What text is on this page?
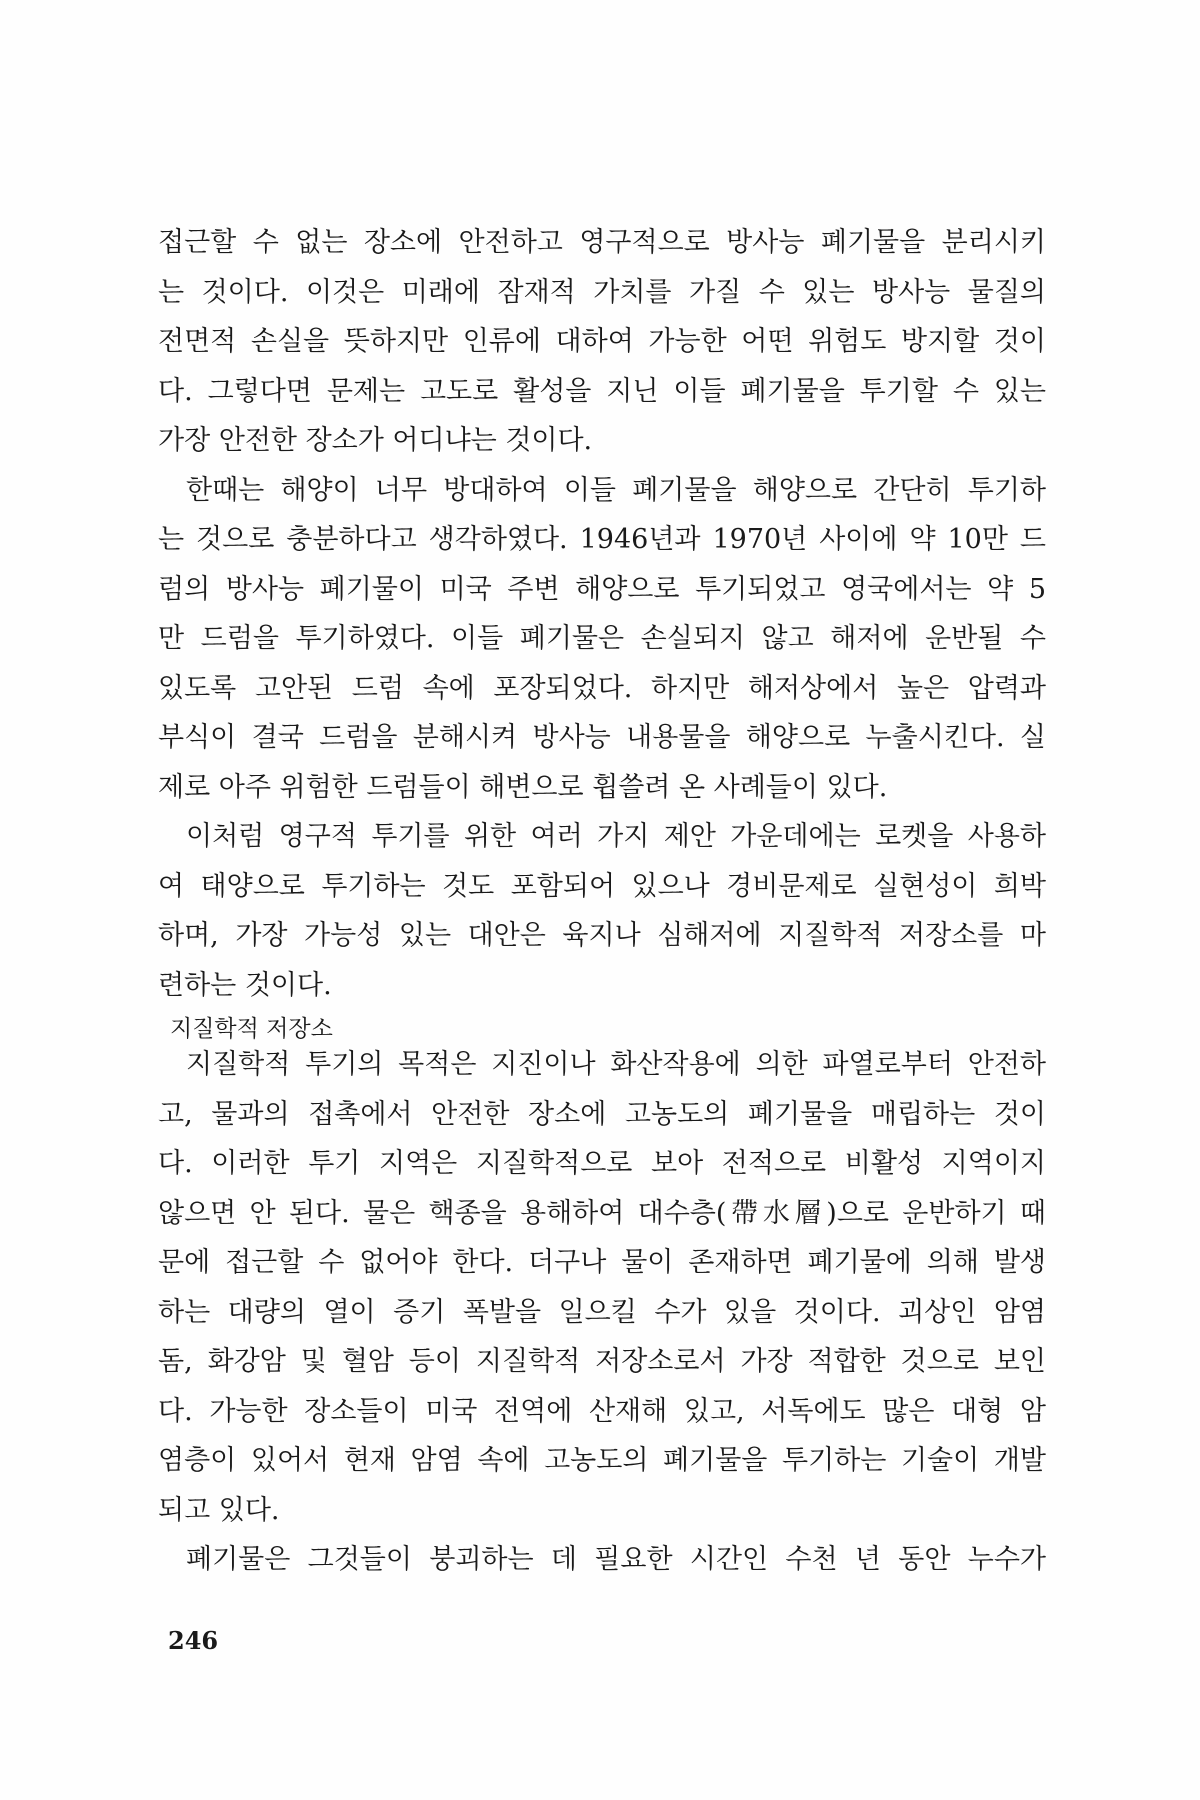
접근할 수 없는 장소에 안전하고 영구적으로 방사능 폐기물을 분리시키
는 것이다. 이것은 미래에 잠재적 가치를 가질 수 있는 방사능 물질의
전면적 손실을 뜻하지만 인류에 대하여 가능한 어떤 위험도 방지할 것이
다. 그렇다면 문제는 고도로 활성을 지닌 이들 폐기물을 투기할 수 있는
가장 안전한 장소가 어디냐는 것이다.
한때는 해양이 너무 방대하여 이들 폐기물을 해양으로 간단히 투기하
는 것으로 충분하다고 생각하였다. 1946년과 1970년 사이에 약 10만 드
럼의 방사능 폐기물이 미국 주변 해양으로 투기되었고 영국에서는 약 5
만 드럼을 투기하였다. 이들 폐기물은 손실되지 않고 해저에 운반될 수
있도록 고안된 드럼 속에 포장되었다. 하지만 해저상에서 높은 압력과
부식이 결국 드럼을 분해시켜 방사능 내용물을 해양으로 누출시킨다. 실
제로 아주 위험한 드럼들이 해변으로 휩쓸려 온 사례들이 있다.
이처럼 영구적 투기를 위한 여러 가지 제안 가운데에는 로켓을 사용하
여 태양으로 투기하는 것도 포함되어 있으나 경비문제로 실현성이 희박
하며, 가장 가능성 있는 대안은 육지나 심해저에 지질학적 저장소를 마
련하는 것이다.
지질학적 저장소
지질학적 투기의 목적은 지진이나 화산작용에 의한 파열로부터 안전하
고, 물과의 접촉에서 안전한 장소에 고농도의 폐기물을 매립하는 것이
다. 이러한 투기 지역은 지질학적으로 보아 전적으로 비활성 지역이지
않으면 안 된다. 물은 핵종을 용해하여 대수층(帶水層)으로 운반하기 때
문에 접근할 수 없어야 한다. 더구나 물이 존재하면 폐기물에 의해 발생
하는 대량의 열이 증기 폭발을 일으킬 수가 있을 것이다. 괴상인 암염
돔, 화강암 및 혈암 등이 지질학적 저장소로서 가장 적합한 것으로 보인
다. 가능한 장소들이 미국 전역에 산재해 있고, 서독에도 많은 대형 암
염층이 있어서 현재 암염 속에 고농도의 폐기물을 투기하는 기술이 개발
되고 있다.
폐기물은 그것들이 붕괴하는 데 필요한 시간인 수천 년 동안 누수가
246
